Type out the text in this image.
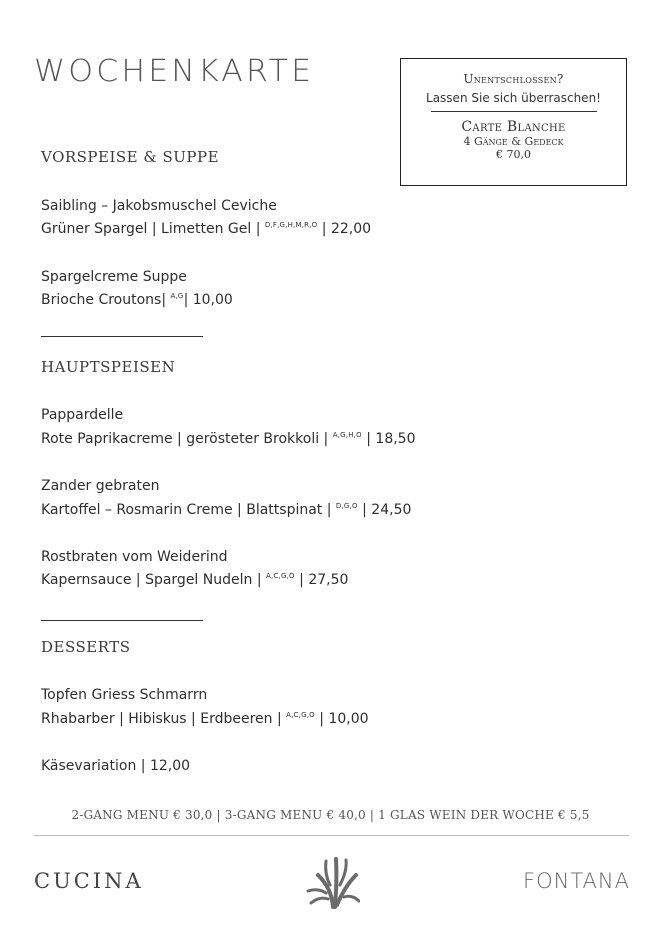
WOCHENKARTE	Unentschlossen?
Lassen Sie sich überraschen!
Carte Blanche
4 Gänge & Gedeck
€ 70,0
VORSPEISE & SUPPE
Saibling – Jakobsmuschel Ceviche
Grüner Spargel | Limetten Gel | $^{D,F,G,H,M,R,O}$ | 22,00
Spargelcreme Suppe
Brioche Croutons| $^{A,G}$| 10,00
HAUPTSPEISEN
Pappardelle
Rote Paprikacreme | gerösteter Brokkoli | $^{A,G,H,O}$ | 18,50
Zander gebraten
Kartoffel – Rosmarin Creme | Blattspinat | $^{D,G,O}$ | 24,50
Rostbraten vom Weiderind
Kapernsauce | Spargel Nudeln | $^{A,C,G,O}$ | 27,50
DESSERTS
Topfen Griess Schmarrn
Rhabarber | Hibiskus | Erdbeeren | $^{A,C,G,O}$ | 10,00
Käsevariation | 12,00
2-GANG MENU € 30,0 | 3-GANG MENU € 40,0 | 1 GLAS WEIN DER WOCHE € 5,5
CUCINA	FONTANA
